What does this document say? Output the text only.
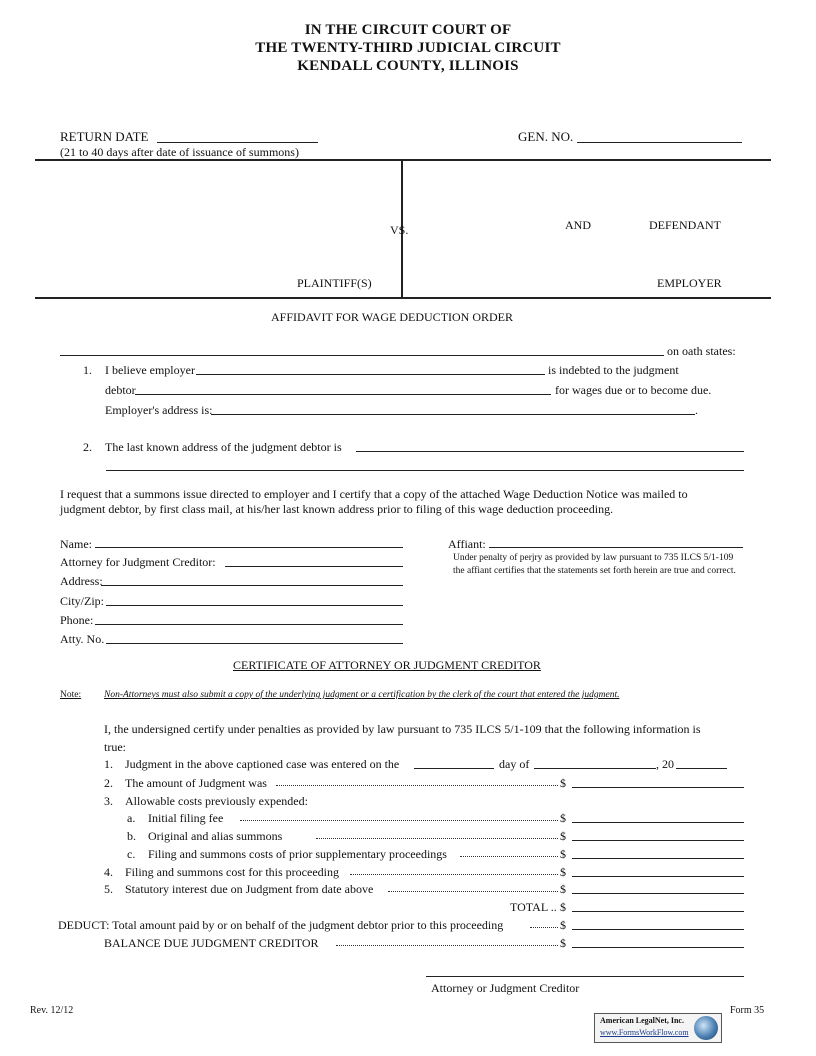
IN THE CIRCUIT COURT OF
THE TWENTY-THIRD JUDICIAL CIRCUIT
KENDALL COUNTY, ILLINOIS
RETURN DATE
(21 to 40 days after date of issuance of summons)
GEN. NO.
VS.	AND	DEFENDANT
PLAINTIFF(S)	EMPLOYER
AFFIDAVIT FOR WAGE DEDUCTION ORDER
on oath states:
1. I believe employer	is indebted to the judgment
debtor	for wages due or to become due.
Employer's address is:	.
2. The last known address of the judgment debtor is
I request that a summons issue directed to employer and I certify that a copy of the attached Wage Deduction Notice was mailed to
judgment debtor, by first class mail, at his/her last known address prior to filing of this wage deduction proceeding.
Name:
Attorney for Judgment Creditor:
Address:
City/Zip:
Phone:
Atty. No.
Affiant:
Under penalty of perjry as provided by law pursuant to 735 ILCS 5/1-109
the affiant certifies that the statements set forth herein are true and correct.
CERTIFICATE OF ATTORNEY OR JUDGMENT CREDITOR
Note: Non-Attorneys must also submit a copy of the underlying judgment or a certification by the clerk of the court that entered the judgment.
I, the undersigned certify under penalties as provided by law pursuant to 735 ILCS 5/1-109 that the following information is
true:
1. Judgment in the above captioned case was entered on the	day of	, 20
2. The amount of Judgment was	$
3. Allowable costs previously expended:
a. Initial filing fee	$
b. Original and alias summons	$
c. Filing and summons costs of prior supplementary proceedings	$
4. Filing and summons cost for this proceeding	$
5. Statutory interest due on Judgment from date above	$
TOTAL .. $
DEDUCT: Total amount paid by or on behalf of the judgment debtor prior to this proceeding	$
BALANCE DUE JUDGMENT CREDITOR	$
Attorney or Judgment Creditor
Rev. 12/12	Form 35
American LegalNet, Inc.
www.FormsWorkFlow.com
